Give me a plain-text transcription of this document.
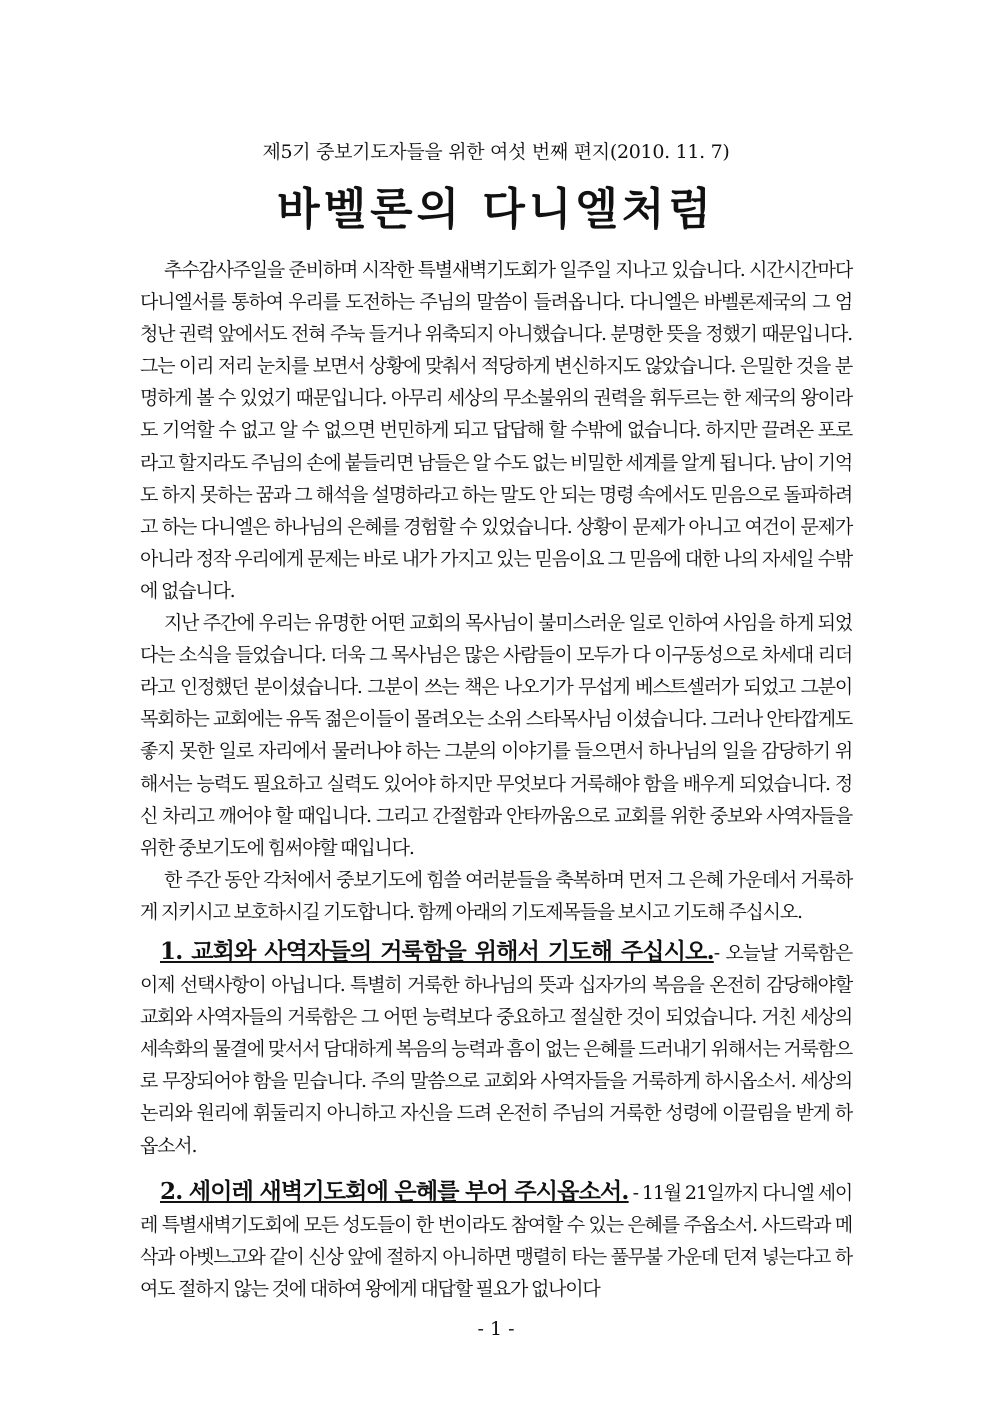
제5기 중보기도자들을 위한 여섯 번째 편지(2010. 11. 7)
바벨론의 다니엘처럼

추수감사주일을 준비하며 시작한 특별새벽기도회가 일주일 지나고 있습니다. 시간시간마다 다니엘서를 통하여 우리를 도전하는 주님의 말씀이 들려옵니다. 다니엘은 바벨론제국의 그 엄청난 권력 앞에서도 전혀 주눅 들거나 위축되지 아니했습니다. 분명한 뜻을 정했기 때문입니다. 그는 이리 저리 눈치를 보면서 상황에 맞춰서 적당하게 변신하지도 않았습니다. 은밀한 것을 분명하게 볼 수 있었기 때문입니다. 아무리 세상의 무소불위의 권력을 휘두르는 한 제국의 왕이라도 기억할 수 없고 알 수 없으면 번민하게 되고 답답해 할 수밖에 없습니다. 하지만 끌려온 포로라고 할지라도 주님의 손에 붙들리면 남들은 알 수도 없는 비밀한 세계를 알게 됩니다. 남이 기억도 하지 못하는 꿈과 그 해석을 설명하라고 하는 말도 안 되는 명령 속에서도 믿음으로 돌파하려고 하는 다니엘은 하나님의 은혜를 경험할 수 있었습니다. 상황이 문제가 아니고 여건이 문제가 아니라 정작 우리에게 문제는 바로 내가 가지고 있는 믿음이요 그 믿음에 대한 나의 자세일 수밖에 없습니다.

지난 주간에 우리는 유명한 어떤 교회의 목사님이 불미스러운 일로 인하여 사임을 하게 되었다는 소식을 들었습니다. 더욱 그 목사님은 많은 사람들이 모두가 다 이구동성으로 차세대 리더라고 인정했던 분이셨습니다. 그분이 쓰는 책은 나오기가 무섭게 베스트셀러가 되었고 그분이 목회하는 교회에는 유독 젊은이들이 몰려오는 소위 스타목사님 이셨습니다. 그러나 안타깝게도 좋지 못한 일로 자리에서 물러나야 하는 그분의 이야기를 들으면서 하나님의 일을 감당하기 위해서는 능력도 필요하고 실력도 있어야 하지만 무엇보다 거룩해야 함을 배우게 되었습니다. 정신 차리고 깨어야 할 때입니다. 그리고 간절함과 안타까움으로 교회를 위한 중보와 사역자들을 위한 중보기도에 힘써야할 때입니다.

한 주간 동안 각처에서 중보기도에 힘쓸 여러분들을 축복하며 먼저 그 은혜 가운데서 거룩하게 지키시고 보호하시길 기도합니다. 함께 아래의 기도제목들을 보시고 기도해 주십시오.

1. 교회와 사역자들의 거룩함을 위해서 기도해 주십시오.- 오늘날 거룩함은 이제 선택사항이 아닙니다. 특별히 거룩한 하나님의 뜻과 십자가의 복음을 온전히 감당해야할 교회와 사역자들의 거룩함은 그 어떤 능력보다 중요하고 절실한 것이 되었습니다. 거친 세상의 세속화의 물결에 맞서서 담대하게 복음의 능력과 흠이 없는 은혜를 드러내기 위해서는 거룩함으로 무장되어야 함을 믿습니다. 주의 말씀으로 교회와 사역자들을 거룩하게 하시옵소서. 세상의 논리와 원리에 휘둘리지 아니하고 자신을 드려 온전히 주님의 거룩한 성령에 이끌림을 받게 하옵소서.

2. 세이레 새벽기도회에 은혜를 부어 주시옵소서. - 11월 21일까지 다니엘 세이레 특별새벽기도회에 모든 성도들이 한 번이라도 참여할 수 있는 은혜를 주옵소서. 사드락과 메삭과 아벳느고와 같이 신상 앞에 절하지 아니하면 맹렬히 타는 풀무불 가운데 던져 넣는다고 하여도 절하지 않는 것에 대하여 왕에게 대답할 필요가 없나이다

- 1 -
